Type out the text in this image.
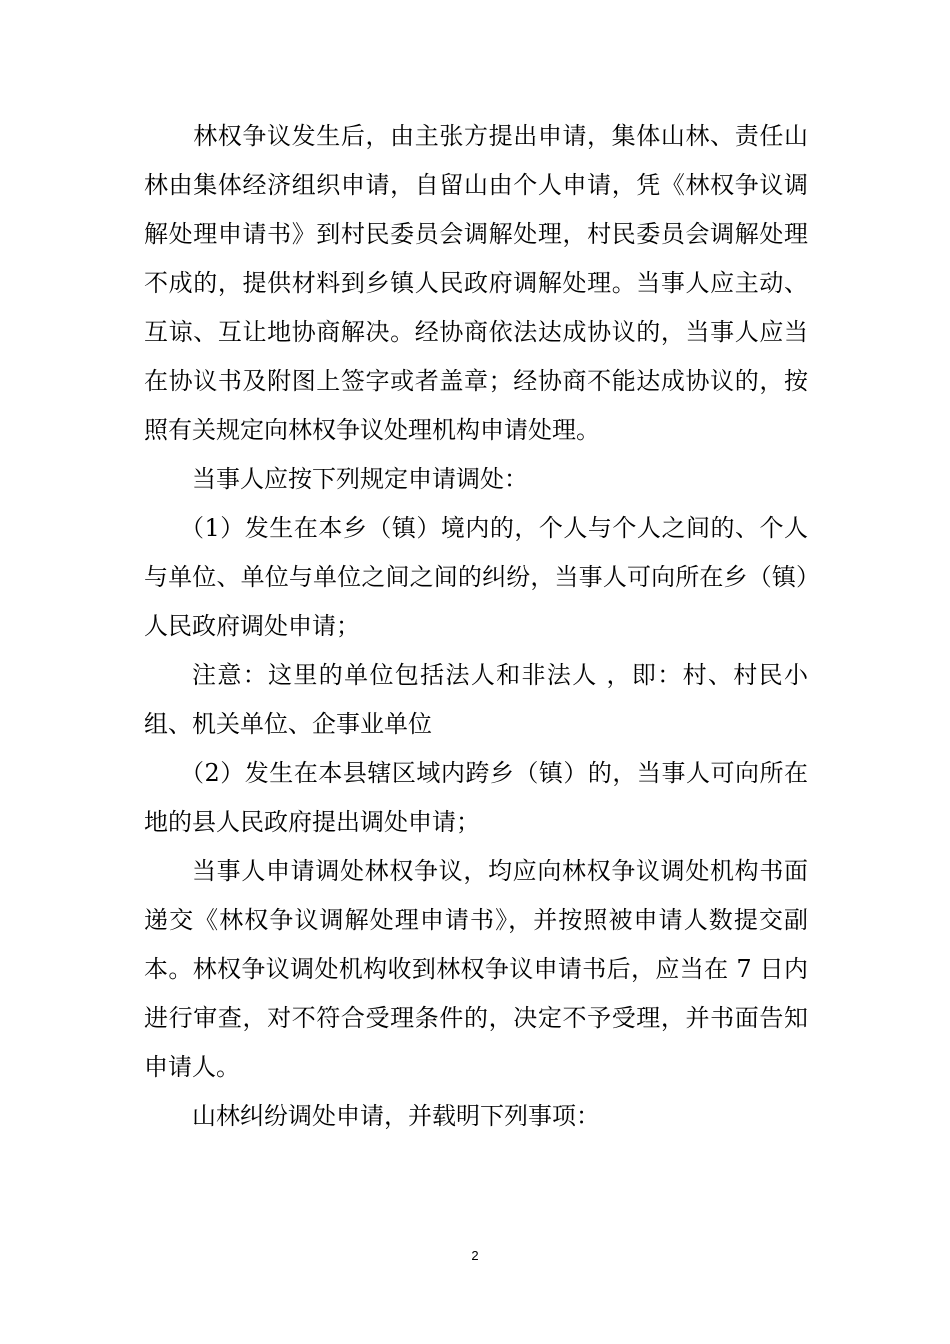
林权争议发生后，由主张方提出申请，集体山林、责任山林由集体经济组织申请，自留山由个人申请，凭《林权争议调解处理申请书》到村民委员会调解处理，村民委员会调解处理不成的，提供材料到乡镇人民政府调解处理。当事人应主动、互谅、互让地协商解决。经协商依法达成协议的，当事人应当在协议书及附图上签字或者盖章；经协商不能达成协议的，按照有关规定向林权争议处理机构申请处理。

当事人应按下列规定申请调处：

（1）发生在本乡（镇）境内的，个人与个人之间的、个人与单位、单位与单位之间之间的纠纷，当事人可向所在乡（镇）人民政府调处申请；

注意：这里的单位包括法人和非法人 ，即：村、村民小组、机关单位、企事业单位

（2）发生在本县辖区域内跨乡（镇）的，当事人可向所在地的县人民政府提出调处申请；

当事人申请调处林权争议，均应向林权争议调处机构书面递交《林权争议调解处理申请书》，并按照被申请人数提交副本。林权争议调处机构收到林权争议申请书后，应当在 7 日内进行审查，对不符合受理条件的，决定不予受理，并书面告知申请人。

山林纠纷调处申请，并载明下列事项：

2
